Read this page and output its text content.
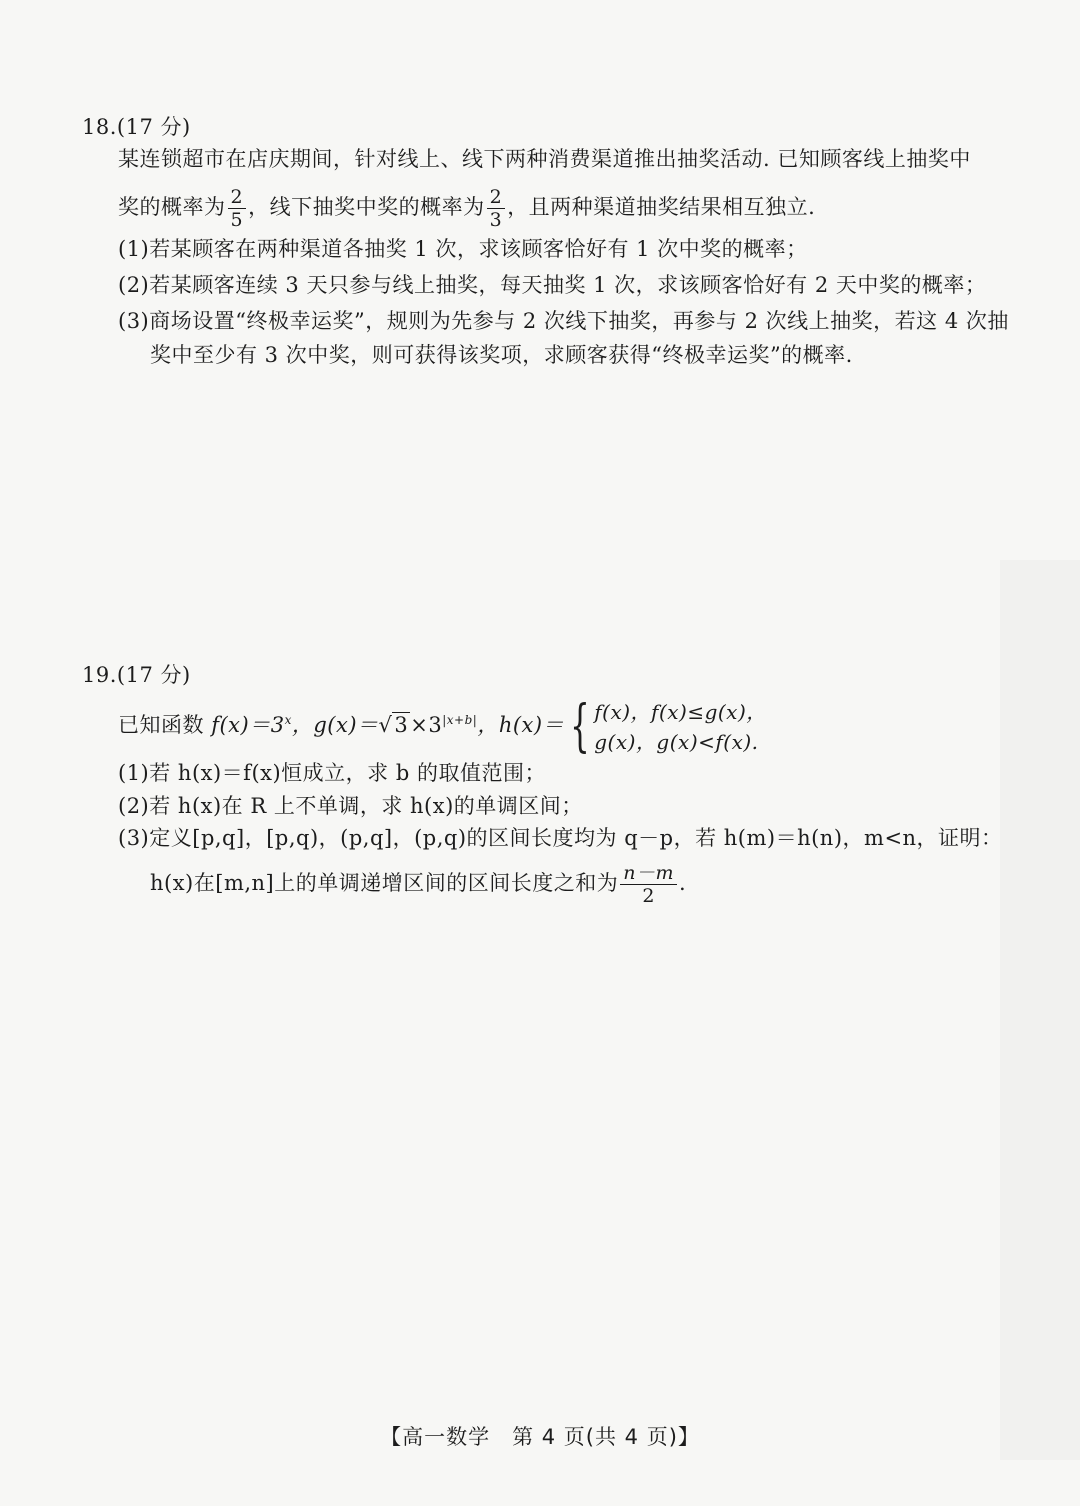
18.(17 分)
某连锁超市在店庆期间，针对线上、线下两种消费渠道推出抽奖活动. 已知顾客线上抽奖中
奖的概率为 $\frac{2}{5}$ ，线下抽奖中奖的概率为 $\frac{2}{3}$ ，且两种渠道抽奖结果相互独立.
(1)若某顾客在两种渠道各抽奖 1 次，求该顾客恰好有 1 次中奖的概率；
(2)若某顾客连续 3 天只参与线上抽奖，每天抽奖 1 次，求该顾客恰好有 2 天中奖的概率；
(3)商场设置“终极幸运奖”，规则为先参与 2 次线下抽奖，再参与 2 次线上抽奖，若这 4 次抽
奖中至少有 3 次中奖，则可获得该奖项，求顾客获得“终极幸运奖”的概率.
19.(17 分)
已知函数 $f(x)=3^x$，$g(x)=√3\times 3^{|x+b|}$，h(x)＝ { f(x)，f(x)≤g(x)，
g(x)，g(x)<f(x).
(1)若 h(x)＝f(x)恒成立，求 b 的取值范围；
(2)若 h(x)在 R 上不单调，求 h(x)的单调区间；
(3)定义[p,q]，[p,q)，(p,q]，(p,q)的区间长度均为 q－p，若 h(m)＝h(n)，m<n，证明：
h(x)在[m,n]上的单调递增区间的区间长度之和为 $\frac{n-m}{2}$ .
【高一数学　第 4 页(共 4 页)】
